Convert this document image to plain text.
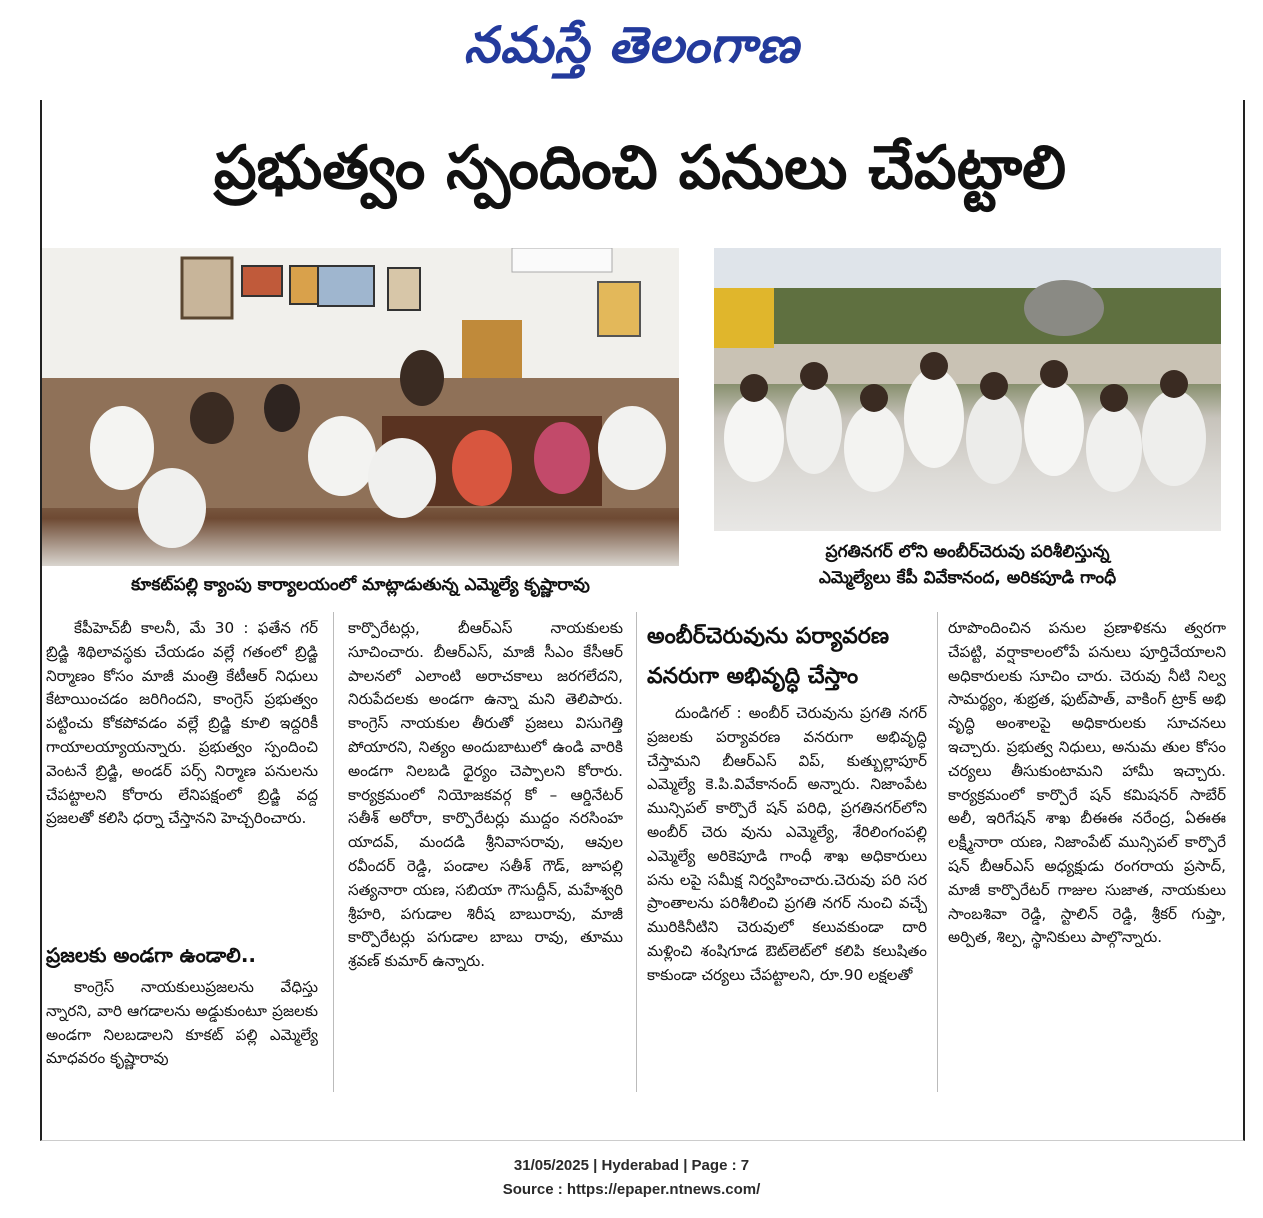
నమస్తే తెలంగాణ
ప్రభుత్వం స్పందించి పనులు చేపట్టాలి
కూకట్‌పల్లి క్యాంపు కార్యాలయంలో మాట్లాడుతున్న ఎమ్మెల్యే కృష్ణారావు
ప్రగతినగర్ లోని అంబీర్‌చెరువు పరిశీలిస్తున్న
ఎమ్మెల్యేలు కేపీ వివేకానంద, అరికపూడి గాంధీ

కేపీహెచ్‌బీ కాలనీ, మే 30 : ఫతేన గర్ బ్రిడ్జి శిథిలావస్థకు చేయడం వల్లే గతంలో బ్రిడ్జి నిర్మాణం కోసం మాజీ మంత్రి కేటీఆర్ నిధులు కేటాయించడం జరిగిందని, కాంగ్రెస్ ప్రభుత్వం పట్టించు కోకపోవడం వల్లే బ్రిడ్జి కూలి ఇద్దరికీ గాయాలయ్యాయన్నారు. ప్రభుత్వం స్పందించి వెంటనే బ్రిడ్జి, అండర్ పర్స్ నిర్మాణ పనులను చేపట్టాలని కోరారు లేనిపక్షంలో బ్రిడ్జి వద్ద ప్రజలతో కలిసి ధర్నా చేస్తానని హెచ్చరించారు.

ప్రజలకు అండగా ఉండాలి..

కాంగ్రెస్ నాయకులుప్రజలను వేధిస్తు న్నారని, వారి ఆగడాలను అడ్డుకుంటూ ప్రజలకు అండగా నిలబడాలని కూకట్ పల్లి ఎమ్మెల్యే మాధవరం కృష్ణారావు

కార్పొరేటర్లు, బీఆర్ఎస్ నాయకులకు సూచించారు. బీఆర్ఎస్, మాజీ సీఎం కేసీఆర్ పాలనలో ఎలాంటి అరాచకాలు జరగలేదని, నిరుపేదలకు అండగా ఉన్నా మని తెలిపారు. కాంగ్రెస్ నాయకుల తీరుతో ప్రజలు విసుగెత్తి పోయారని, నిత్యం అందుబాటులో ఉండి వారికి అండగా నిలబడి ధైర్యం చెప్పాలని కోరారు. కార్యక్రమంలో నియోజకవర్గ కో – ఆర్డినేటర్ సతీశ్ అరోరా, కార్పొరేటర్లు ముద్దం నరసింహ యాదవ్, మందడి శ్రీనివాసరావు, ఆవుల రవీందర్ రెడ్డి, పండాల సతీశ్ గౌడ్, జూపల్లి సత్యనారా యణ, సబియా గౌసుద్దీన్, మహేశ్వరి శ్రీహరి, పగుడాల శిరీష బాబురావు, మాజీ కార్పొరేటర్లు పగుడాల బాబు రావు, తూము శ్రవణ్ కుమార్ ఉన్నారు.

అంబీర్‌చెరువును పర్యావరణ
వనరుగా అభివృద్ధి చేస్తాం

దుండిగల్ : అంబీర్ చెరువును ప్రగతి నగర్ ప్రజలకు పర్యావరణ వనరుగా అభివృద్ధి చేస్తామని బీఆర్ఎస్ విప్, కుత్బుల్లాపూర్ ఎమ్మెల్యే కె.పి.వివేకానంద్ అన్నారు. నిజాంపేట మున్సిపల్ కార్పొరే షన్ పరిధి, ప్రగతినగర్‌లోని అంబీర్ చెరు వును ఎమ్మెల్యే, శేరిలింగంపల్లి ఎమ్మెల్యే అరికెపూడి గాంధీ శాఖ అధికారులు పను లపై సమీక్ష నిర్వహించారు.చెరువు పరి సర ప్రాంతాలను పరిశీలించి ప్రగతి నగర్ నుంచి వచ్చే మురికినీటిని చెరువులో కలువకుండా దారి మళ్లించి శంషిగూడ ఔట్‌లెట్‌లో కలిపి కలుషితం కాకుండా చర్యలు చేపట్టాలని, రూ.90 లక్షలతో

రూపొందించిన పనుల ప్రణాళికను త్వరగా చేపట్టి, వర్షాకాలంలోపే పనులు పూర్తిచేయాలని అధికారులకు సూచిం చారు. చెరువు నీటి నిల్వ సామర్థ్యం, శుభ్రత, ఫుట్‌పాత్, వాకింగ్ ట్రాక్ అభి వృద్ధి అంశాలపై అధికారులకు సూచనలు ఇచ్చారు. ప్రభుత్వ నిధులు, అనుమ తుల కోసం చర్యలు తీసుకుంటామని హామీ ఇచ్చారు. కార్యక్రమంలో కార్పొరే షన్ కమిషనర్ సాబేర్ అలీ, ఇరిగేషన్ శాఖ బీఈఈ నరేంద్ర, ఏఈఈ లక్ష్మీనారా యణ, నిజాంపేట్ మున్సిపల్ కార్పొరే షన్ బీఆర్ఎస్ అధ్యక్షుడు రంగరాయ ప్రసాద్, మాజీ కార్పొరేటర్ గాజుల సుజాత, నాయకులు సాంబశివా రెడ్డి, స్టాలిన్ రెడ్డి, శ్రీకర్ గుప్తా, అర్పిత, శిల్ప, స్థానికులు పాల్గొన్నారు.

31/05/2025 | Hyderabad | Page : 7
Source : https://epaper.ntnews.com/
